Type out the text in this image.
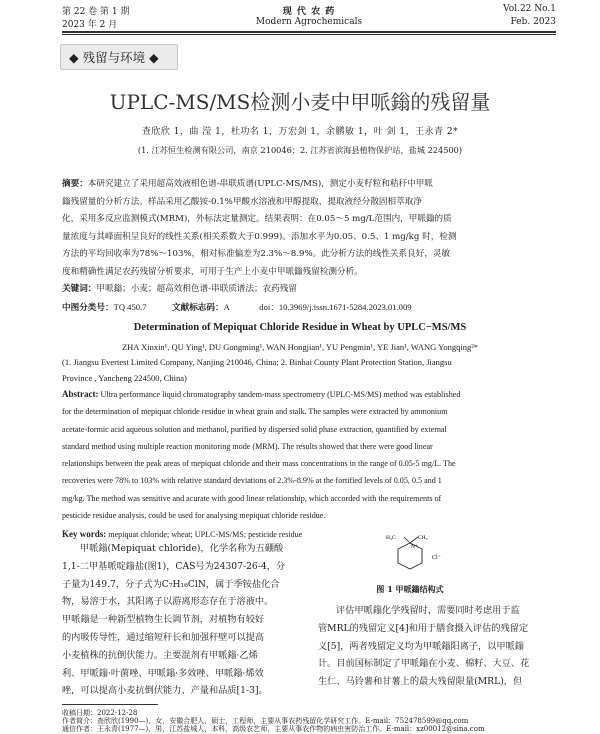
第 22 卷 第 1 期	现 代 农 药	Vol.22 No.1
2023 年 2 月	Modern Agrochemicals	Feb. 2023
◆ 残留与环境 ◆
UPLC-MS/MS检测小麦中甲哌鎓的残留量
查欣欣 1，曲 滢 1，杜功名 1，万宏剑 1，余鹏敏 1，叶 剑 1，王永青 2*
(1. 江苏恒生检测有限公司，南京 210046；2. 江苏省滨海县植物保护站，盐城 224500)
摘要：本研究建立了采用超高效液相色谱-串联质谱(UPLC-MS/MS)，测定小麦籽粒和秸秆中甲哌
鎓残留量的分析方法。样品采用乙酸铵-0.1%甲酸水溶液和甲醇提取，提取液经分散固相萃取净
化，采用多反应监测模式(MRM)，外标法定量测定。结果表明：在0.05～5 mg/L范围内，甲哌鎓的质
量浓度与其峰面积呈良好的线性关系(相关系数大于0.999)。添加水平为0.05、0.5、1 mg/kg 时，检测
方法的平均回收率为78%～103%，相对标准偏差为2.3%～8.9%。此分析方法的线性关系良好，灵敏
度和精确性满足农药残留分析要求，可用于生产上小麦中甲哌鎓残留检测分析。
关键词：甲哌鎓；小麦；超高效相色谱-串联质谱法；农药残留
中图分类号：TQ 450.7	文献标志码：A	doi：10.3969/j.issn.1671-5284.2023.01.009
Determination of Mepiquat Chloride Residue in Wheat by UPLC−MS/MS
ZHA Xinxin¹, QU Ying¹, DU Gongming¹, WAN Hongjian¹, YU Pengmin¹, YE Jian¹, WANG Yongqing²*
(1. Jiangsu Evertest Limited Company, Nanjing 210046, China; 2. Binhai County Plant Protection Station, Jiangsu
Province , Yancheng 224500, China)
Abstract: Ultra performance liquid chromatography tandem-mass spectrometry (UPLC-MS/MS) method was established
for the determination of mepiquat chloride residue in wheat grain and stalk. The samples were extracted by ammonium
acetate-formic acid aqueous solution and methanol, purified by dispersed solid phase extraction, quantified by external
standard method using multiple reaction monitoring mode (MRM). The results showed that there were good linear
relationships between the peak areas of mepiquat chloride and their mass concentrations in the range of 0.05-5 mg/L. The
recoveries were 78% to 103% with relative standard deviations of 2.3%-8.9% at the fortified levels of 0.05, 0.5 and 1
mg/kg. The method was sensitive and acurate with good linear relationship, which accorded with the requirements of
pesticide residue analysis, could be used for analysing mepiquat chloride residue.
Key words: mepiquat chloride; wheat; UPLC-MS/MS; pesticide residue
甲哌鎓(Mepiquat chloride)，化学名称为五硼酸
1,1-二甲基哌啶鎓盐(图1)，CAS号为24307-26-4，分
子量为149.7，分子式为C₇H₁₆ClN，属于季铵盐化合
物，易溶于水，其阳离子以游离形态存在于溶液中。
甲哌鎓是一种新型植物生长调节剂，对植物有较好
的内吸传导性，通过缩短秆长和加强秆壁可以提高
小麦植株的抗倒伏能力。主要混剂有甲哌鎓·乙烯
利、甲哌鎓·叶菌唑、甲哌鎓·多效唑、甲哌鎓·烯效
唑，可以提高小麦抗倒伏能力、产量和品质[1-3]。
H₃C	CH₃
N⁺
Cl⁻
图 1 甲哌鎓结构式
评估甲哌鎓化学残留时，需要同时考虑用于监
管MRL的残留定义[4]和用于膳食摄入评估的残留定
义[5]，两者残留定义均为甲哌鎓阳离子，以甲哌鎓
计。目前国标制定了甲哌鎓在小麦、棉籽、大豆、花
生仁、马铃薯和甘薯上的最大残留限量(MRL)，但
收稿日期：2022-12-28
作者简介：查欣欣(1990—)，女，安徽合肥人，硕士，工程师，主要从事农药残留化学研究工作。E-mail：752478599@qq.com
通信作者：王永青(1977—)，男，江苏盐城人，本科，高级农艺师，主要从事农作物的病虫害防治工作。E-mail：xz00012@sina.com
